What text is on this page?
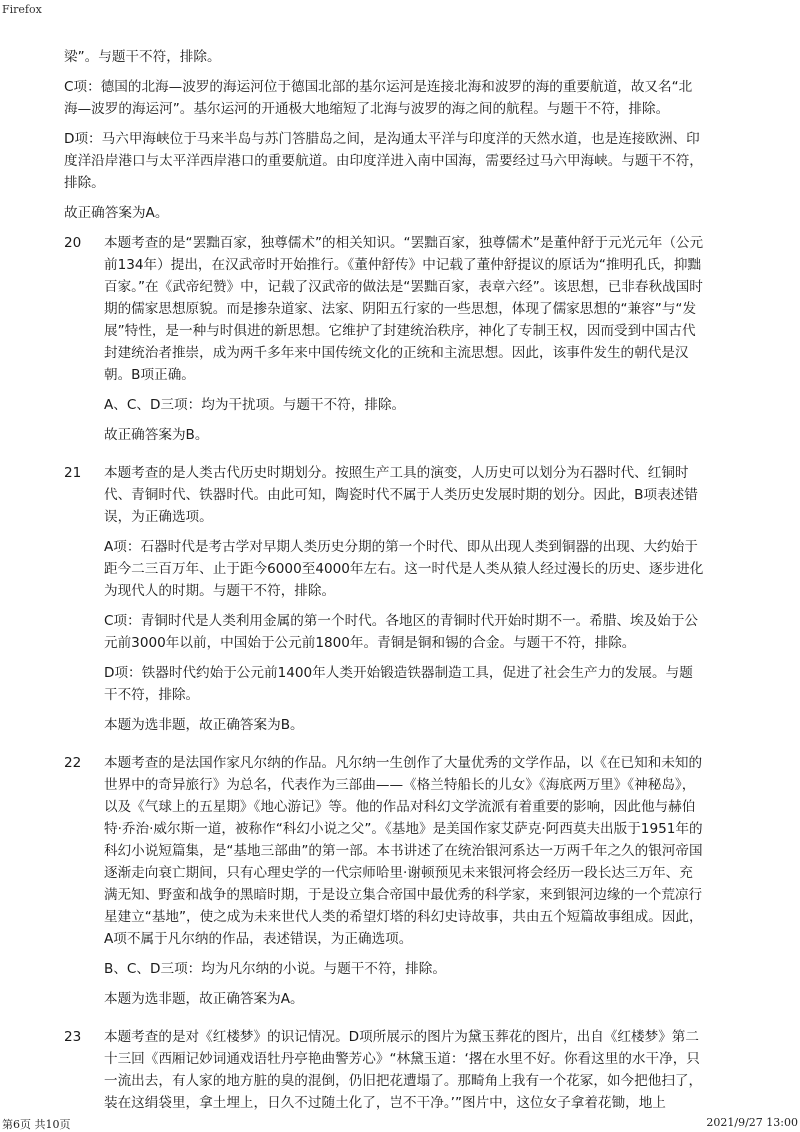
Firefox

梁”。与题干不符，排除。

C项：德国的北海—波罗的海运河位于德国北部的基尔运河是连接北海和波罗的海的重要航道，故又名“北海—波罗的海运河”。基尔运河的开通极大地缩短了北海与波罗的海之间的航程。与题干不符，排除。

D项：马六甲海峡位于马来半岛与苏门答腊岛之间，是沟通太平洋与印度洋的天然水道，也是连接欧洲、印度洋沿岸港口与太平洋西岸港口的重要航道。由印度洋进入南中国海，需要经过马六甲海峡。与题干不符，排除。

故正确答案为A。

20	本题考查的是“罢黜百家，独尊儒术”的相关知识。“罢黜百家，独尊儒术”是董仲舒于元光元年（公元前134年）提出，在汉武帝时开始推行。《董仲舒传》中记载了董仲舒提议的原话为“推明孔氏，抑黜百家。”在《武帝纪赞》中，记载了汉武帝的做法是“罢黜百家，表章六经”。该思想，已非春秋战国时期的儒家思想原貌。而是掺杂道家、法家、阴阳五行家的一些思想，体现了儒家思想的“兼容”与“发展”特性，是一种与时俱进的新思想。它维护了封建统治秩序，神化了专制王权，因而受到中国古代封建统治者推崇，成为两千多年来中国传统文化的正统和主流思想。因此，该事件发生的朝代是汉朝。B项正确。

A、C、D三项：均为干扰项。与题干不符，排除。

故正确答案为B。

21	本题考查的是人类古代历史时期划分。按照生产工具的演变，人历史可以划分为石器时代、红铜时代、青铜时代、铁器时代。由此可知，陶瓷时代不属于人类历史发展时期的划分。因此，B项表述错误，为正确选项。

A项：石器时代是考古学对早期人类历史分期的第一个时代、即从出现人类到铜器的出现、大约始于距今二三百万年、止于距今6000至4000年左右。这一时代是人类从猿人经过漫长的历史、逐步进化为现代人的时期。与题干不符，排除。

C项：青铜时代是人类利用金属的第一个时代。各地区的青铜时代开始时期不一。希腊、埃及始于公元前3000年以前，中国始于公元前1800年。青铜是铜和锡的合金。与题干不符，排除。

D项：铁器时代约始于公元前1400年人类开始锻造铁器制造工具，促进了社会生产力的发展。与题干不符，排除。

本题为选非题，故正确答案为B。

22	本题考查的是法国作家凡尔纳的作品。凡尔纳一生创作了大量优秀的文学作品，以《在已知和未知的世界中的奇异旅行》为总名，代表作为三部曲——《格兰特船长的儿女》《海底两万里》《神秘岛》，以及《气球上的五星期》《地心游记》等。他的作品对科幻文学流派有着重要的影响，因此他与赫伯特·乔治·威尔斯一道，被称作“科幻小说之父”。《基地》是美国作家艾萨克·阿西莫夫出版于1951年的科幻小说短篇集，是“基地三部曲”的第一部。本书讲述了在统治银河系达一万两千年之久的银河帝国逐渐走向衰亡期间，只有心理史学的一代宗师哈里·谢顿预见未来银河将会经历一段长达三万年、充满无知、野蛮和战争的黑暗时期，于是设立集合帝国中最优秀的科学家，来到银河边缘的一个荒凉行星建立“基地”，使之成为未来世代人类的希望灯塔的科幻史诗故事，共由五个短篇故事组成。因此，A项不属于凡尔纳的作品，表述错误，为正确选项。

B、C、D三项：均为凡尔纳的小说。与题干不符，排除。

本题为选非题，故正确答案为A。

23	本题考查的是对《红楼梦》的识记情况。D项所展示的图片为黛玉葬花的图片，出自《红楼梦》第二十三回《西厢记妙词通戏语牡丹亭艳曲警芳心》“林黛玉道：‘撂在水里不好。你看这里的水干净，只一流出去，有人家的地方脏的臭的混倒，仍旧把花遭塌了。那畸角上我有一个花冢，如今把他扫了，装在这绢袋里，拿土埋上，日久不过随土化了，岂不干净。’”图片中，这位女子拿着花锄，地上

第6页 共10页	2021/9/27 13:00
